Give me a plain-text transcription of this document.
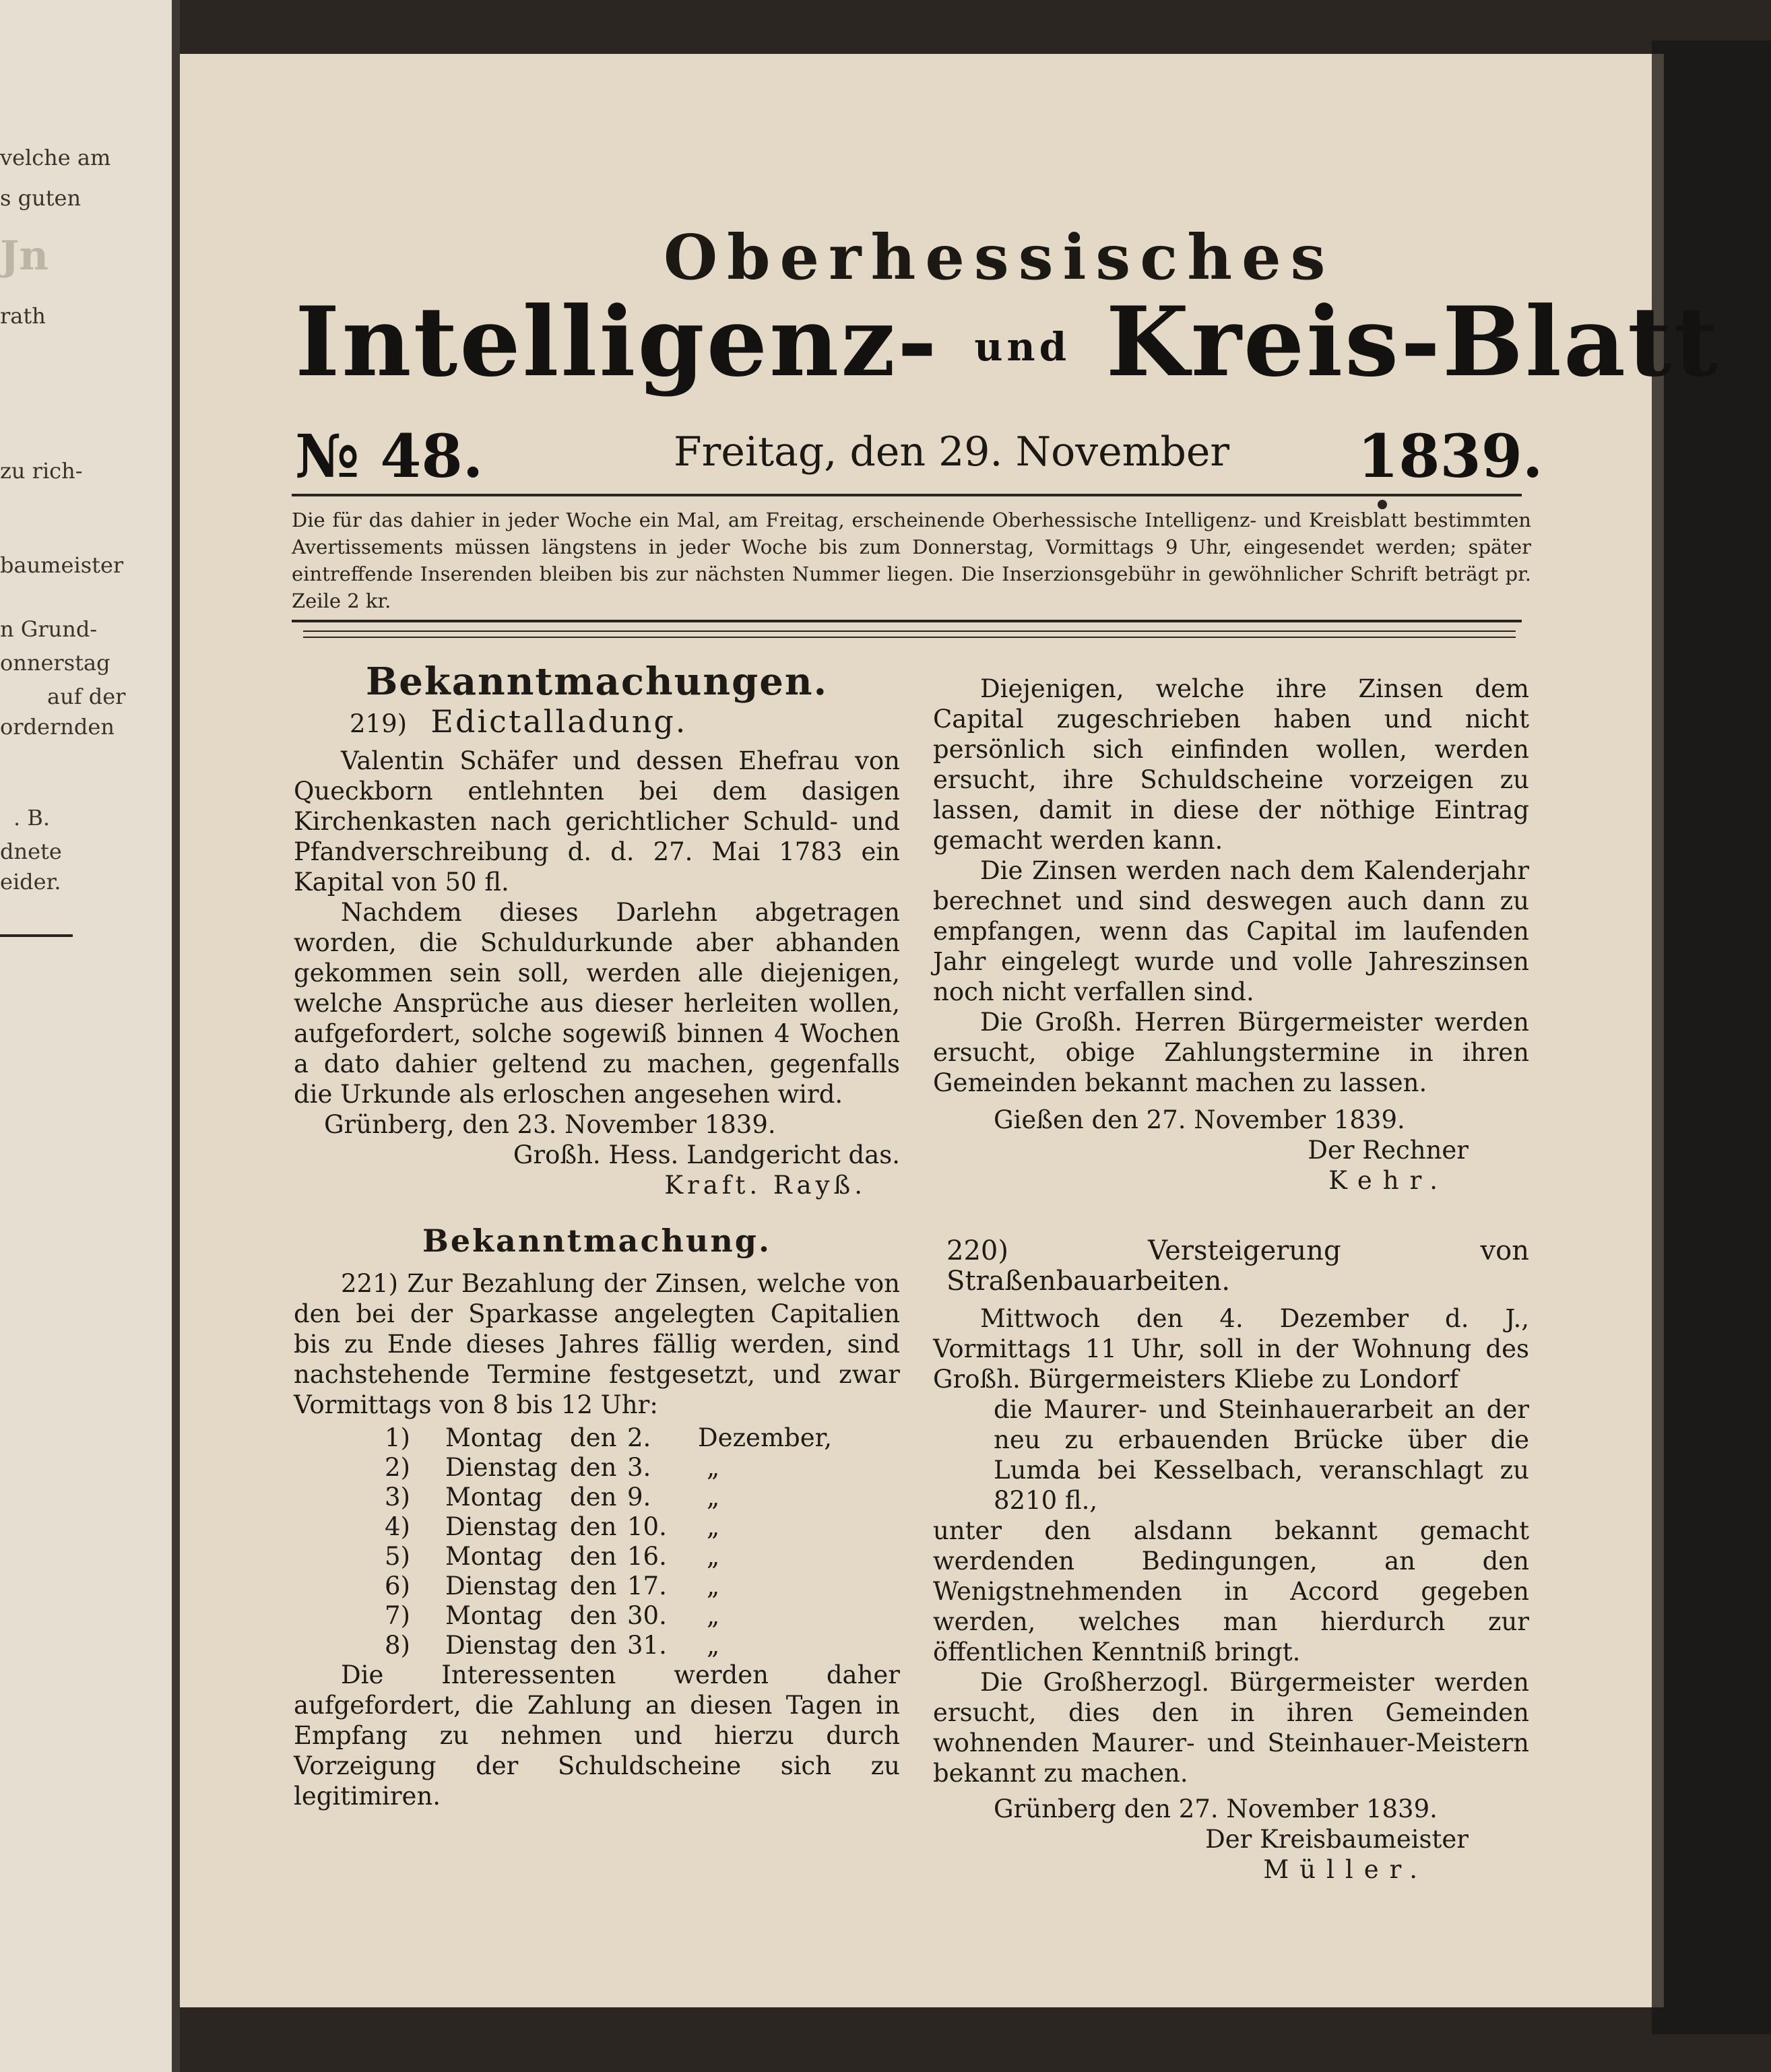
velche am
s guten
Jn
rath
zu rich-
baumeister
n Grund-
onnerstag
auf der
ordernden
. B.
dnete
eider.
Oberhessisches
Intelligenz- und Kreis-Blatt
№ 48.	Freitag, den 29. November 1839.
Die für das dahier in jeder Woche ein Mal, am Freitag, erscheinende Oberhessische Intelligenz- und Kreisblatt bestimmten Avertissements müssen längstens in jeder Woche bis zum Donnerstag, Vormittags 9 Uhr, eingesendet werden; später eintreffende Inserenden bleiben bis zur nächsten Nummer liegen. Die Inserzionsgebühr in gewöhnlicher Schrift beträgt pr. Zeile 2 kr.

Bekanntmachungen.

219) Edictalladung.

Valentin Schäfer und dessen Ehefrau von Queckborn entlehnten bei dem dasigen Kirchenkasten nach gerichtlicher Schuld- und Pfandverschreibung d. d. 27. Mai 1783 ein Kapital von 50 fl.

Nachdem dieses Darlehn abgetragen worden, die Schuldurkunde aber abhanden gekommen sein soll, werden alle diejenigen, welche Ansprüche aus dieser herleiten wollen, aufgefordert, solche sogewiß binnen 4 Wochen a dato dahier geltend zu machen, gegenfalls die Urkunde als erloschen angesehen wird.

Grünberg, den 23. November 1839.

Großh. Hess. Landgericht das.

Kraft. Rayß.

Bekanntmachung.

221) Zur Bezahlung der Zinsen, welche von den bei der Sparkasse angelegten Capitalien bis zu Ende dieses Jahres fällig werden, sind nachstehende Termine festgesetzt, und zwar Vormittags von 8 bis 12 Uhr:

1) Montag den 2. Dezember,
2) Dienstag den 3. „
3) Montag den 9. „
4) Dienstag den 10. „
5) Montag den 16. „
6) Dienstag den 17. „
7) Montag den 30. „
8) Dienstag den 31. „

Die Interessenten werden daher aufgefordert, die Zahlung an diesen Tagen in Empfang zu nehmen und hierzu durch Vorzeigung der Schuldscheine sich zu legitimiren.

Diejenigen, welche ihre Zinsen dem Capital zugeschrieben haben und nicht persönlich sich einfinden wollen, werden ersucht, ihre Schuldscheine vorzeigen zu lassen, damit in diese der nöthige Eintrag gemacht werden kann.

Die Zinsen werden nach dem Kalenderjahr berechnet und sind deswegen auch dann zu empfangen, wenn das Capital im laufenden Jahr eingelegt wurde und volle Jahreszinsen noch nicht verfallen sind.

Die Großh. Herren Bürgermeister werden ersucht, obige Zahlungstermine in ihren Gemeinden bekannt machen zu lassen.

Gießen den 27. November 1839.

Der Rechner

Kehr.

220) Versteigerung von Straßenbauarbeiten.

Mittwoch den 4. Dezember d. J., Vormittags 11 Uhr, soll in der Wohnung des Großh. Bürgermeisters Kliebe zu Londorf

die Maurer- und Steinhauerarbeit an der neu zu erbauenden Brücke über die Lumda bei Kesselbach, veranschlagt zu 8210 fl.,

unter den alsdann bekannt gemacht werdenden Bedingungen, an den Wenigstnehmenden in Accord gegeben werden, welches man hierdurch zur öffentlichen Kenntniß bringt.

Die Großherzogl. Bürgermeister werden ersucht, dies den in ihren Gemeinden wohnenden Maurer- und Steinhauer-Meistern bekannt zu machen.

Grünberg den 27. November 1839.

Der Kreisbaumeister

Müller.
